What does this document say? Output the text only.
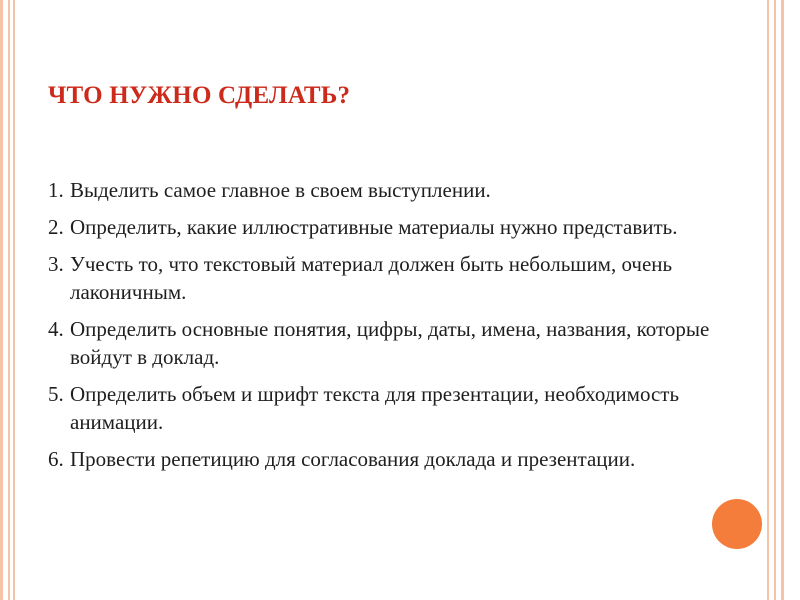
ЧТО НУЖНО СДЕЛАТЬ?
1. Выделить самое главное в своем выступлении.
2. Определить, какие иллюстративные материалы нужно представить.
3. Учесть то, что текстовый материал должен быть небольшим, очень лаконичным.
4. Определить основные понятия, цифры, даты, имена, названия, которые войдут в доклад.
5. Определить объем и шрифт текста для презентации, необходимость анимации.
6. Провести репетицию для согласования доклада и презентации.
